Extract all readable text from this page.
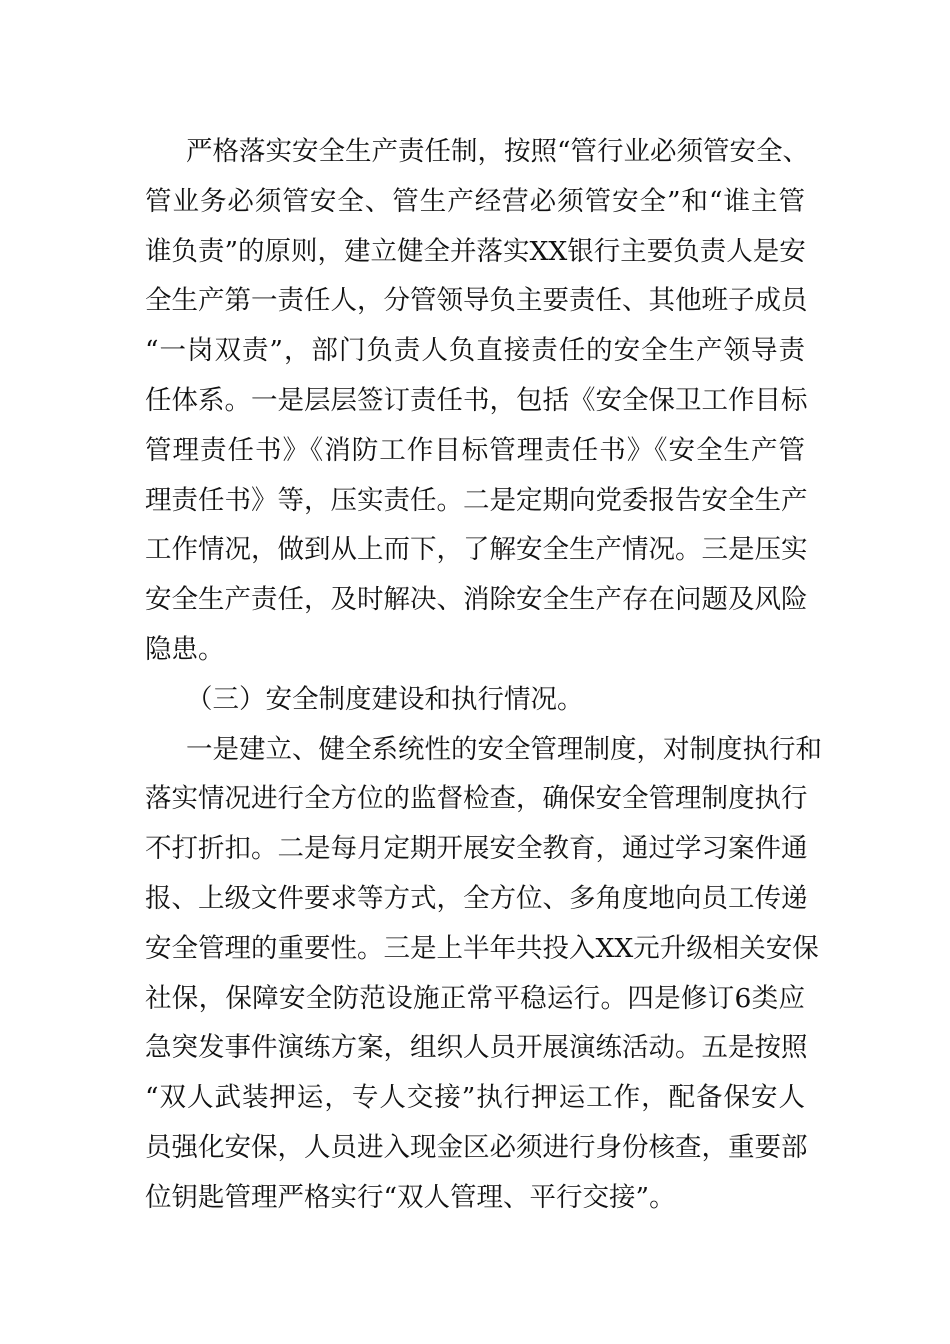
严格落实安全生产责任制，按照“管行业必须管安全、
管业务必须管安全、管生产经营必须管安全”和“谁主管
谁负责”的原则，建立健全并落实XX银行主要负责人是安
全生产第一责任人，分管领导负主要责任、其他班子成员
“一岗双责”，部门负责人负直接责任的安全生产领导责
任体系。一是层层签订责任书，包括《安全保卫工作目标
管理责任书》《消防工作目标管理责任书》《安全生产管
理责任书》等，压实责任。二是定期向党委报告安全生产
工作情况，做到从上而下，了解安全生产情况。三是压实
安全生产责任，及时解决、消除安全生产存在问题及风险
隐患。
（三）安全制度建设和执行情况。
一是建立、健全系统性的安全管理制度，对制度执行和
落实情况进行全方位的监督检查，确保安全管理制度执行
不打折扣。二是每月定期开展安全教育，通过学习案件通
报、上级文件要求等方式，全方位、多角度地向员工传递
安全管理的重要性。三是上半年共投入XX元升级相关安保
社保，保障安全防范设施正常平稳运行。四是修订6类应
急突发事件演练方案，组织人员开展演练活动。五是按照
“双人武装押运，专人交接”执行押运工作，配备保安人
员强化安保，人员进入现金区必须进行身份核查，重要部
位钥匙管理严格实行“双人管理、平行交接”。
